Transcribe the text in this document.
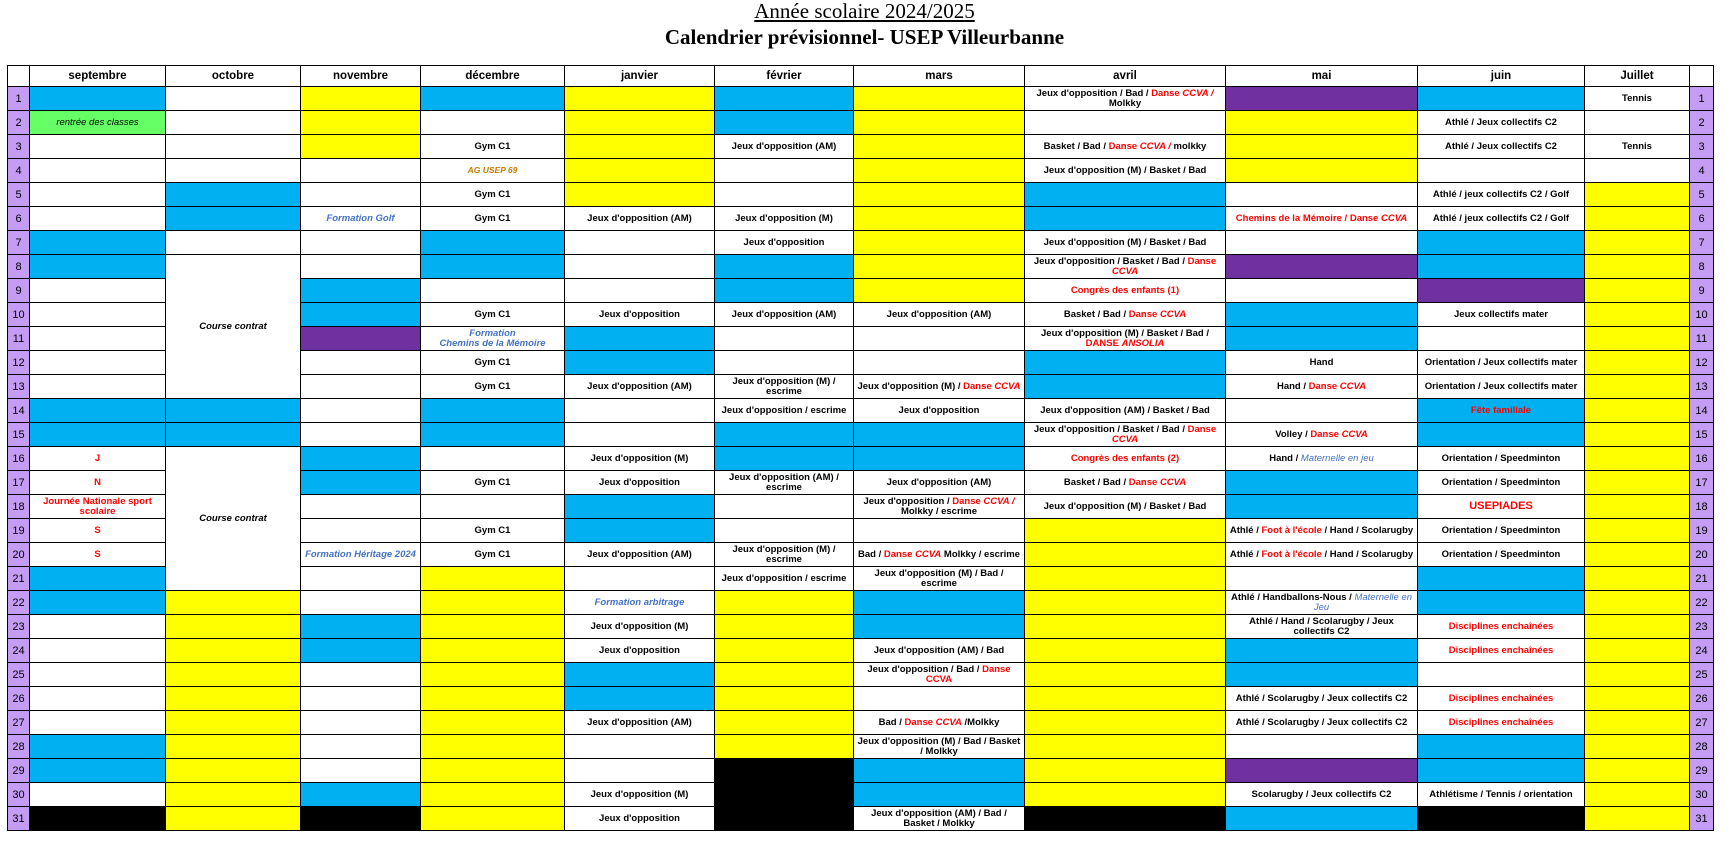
Année scolaire 2024/2025
Calendrier prévisionnel- USEP Villeurbanne
	septembre	octobre	novembre	décembre	janvier	février	mars	avril	mai	juin	Juillet	
1								Jeux d'opposition / Bad / Danse CCVA / Molkky			Tennis	1
2	rentrée des classes									Athlé / Jeux collectifs C2		2
3				Gym C1		Jeux d'opposition (AM)		Basket / Bad / Danse CCVA / molkky		Athlé / Jeux collectifs C2	Tennis	3
4				AG USEP 69				Jeux d'opposition (M) / Basket / Bad				4
5				Gym C1						Athlé / jeux collectifs C2 / Golf		5
6			Formation Golf	Gym C1	Jeux d'opposition (AM)	Jeux d'opposition (M)			Chemins de la Mémoire / Danse CCVA	Athlé / jeux collectifs C2 / Golf		6
7						Jeux d'opposition		Jeux d'opposition (M) / Basket / Bad				7
8		Course contrat						Jeux d'opposition / Basket / Bad / Danse CCVA				8
9								Congrès des enfants (1)				9
10				Gym C1	Jeux d'opposition	Jeux d'opposition (AM)	Jeux d'opposition (AM)	Basket / Bad / Danse CCVA		Jeux collectifs mater		10
11				Formation
Chemins de la Mémoire				Jeux d'opposition (M) / Basket / Bad / DANSE ANSOLIA				11
12				Gym C1					Hand	Orientation / Jeux collectifs mater		12
13				Gym C1	Jeux d'opposition (AM)	Jeux d'opposition (M) / escrime	Jeux d'opposition (M) / Danse CCVA		Hand / Danse CCVA	Orientation / Jeux collectifs mater		13
14						Jeux d'opposition / escrime	Jeux d'opposition	Jeux d'opposition (AM) / Basket / Bad		Fête familiale		14
15								Jeux d'opposition / Basket / Bad / Danse CCVA	Volley / Danse CCVA			15
16	J	Course contrat			Jeux d'opposition (M)			Congrès des enfants (2)	Hand / Maternelle en jeu	Orientation / Speedminton		16
17	N			Gym C1	Jeux d'opposition	Jeux d'opposition (AM) / escrime	Jeux d'opposition (AM)	Basket / Bad / Danse CCVA		Orientation / Speedminton		17
18	Journée Nationale sport scolaire						Jeux d'opposition / Danse CCVA /
Molkky / escrime	Jeux d'opposition (M) / Basket / Bad		USEPIADES		18
19	S			Gym C1					Athlé / Foot à l'école / Hand / Scolarugby	Orientation / Speedminton		19
20	S		Formation Héritage 2024	Gym C1	Jeux d'opposition (AM)	Jeux d'opposition (M) / escrime	Bad / Danse CCVA Molkky / escrime		Athlé / Foot à l'école / Hand / Scolarugby	Orientation / Speedminton		20
21						Jeux d'opposition / escrime	Jeux d'opposition (M) / Bad / escrime					21
22					Formation arbitrage				Athlé / Handballons-Nous / Maternelle en Jeu			22
23					Jeux d'opposition (M)				Athlé / Hand / Scolarugby / Jeux collectifs C2	Disciplines enchaînées		23
24					Jeux d'opposition		Jeux d'opposition (AM) / Bad			Disciplines enchaînées		24
25							Jeux d'opposition / Bad / Danse CCVA					25
26									Athlé / Scolarugby / Jeux collectifs C2	Disciplines enchaînées		26
27					Jeux d'opposition (AM)		Bad / Danse CCVA /Molkky		Athlé / Scolarugby / Jeux collectifs C2	Disciplines enchaînées		27
28							Jeux d'opposition (M) / Bad / Basket / Molkky					28
29												29
30					Jeux d'opposition (M)				Scolarugby / Jeux collectifs C2	Athlétisme / Tennis / orientation		30
31					Jeux d'opposition		Jeux d'opposition (AM) / Bad / Basket / Molkky					31
